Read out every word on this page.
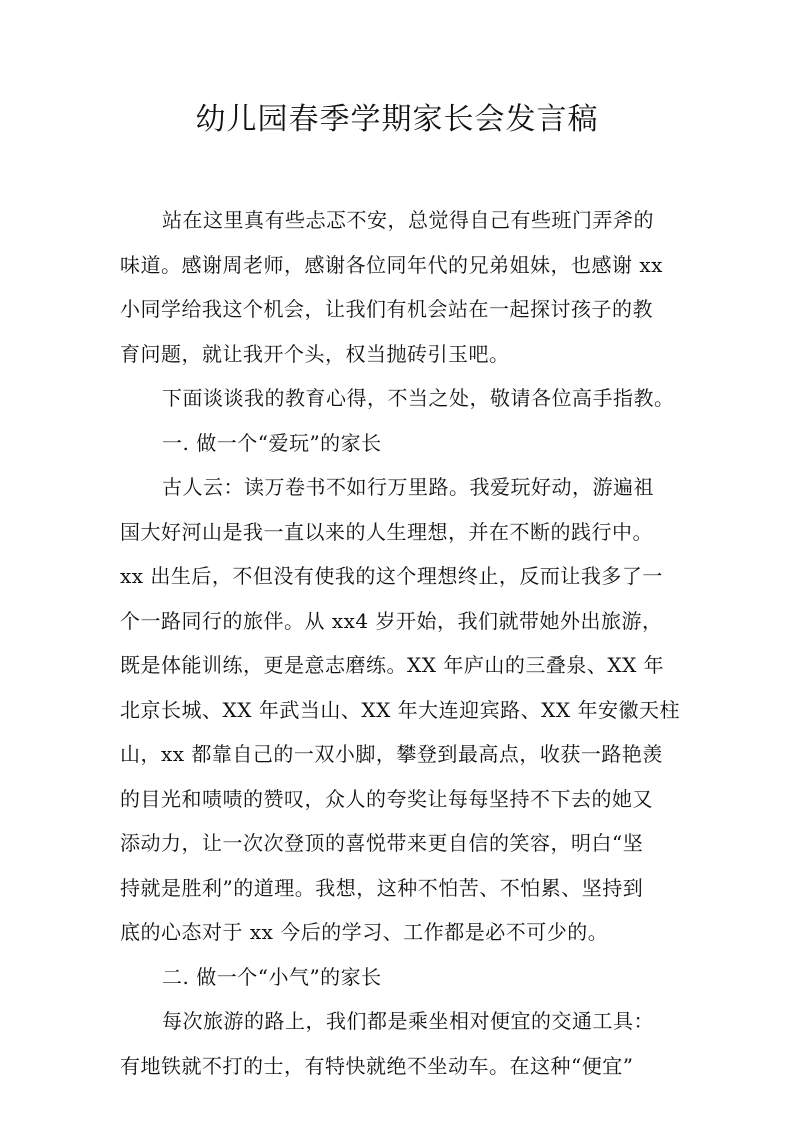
幼儿园春季学期家长会发言稿
站在这里真有些忐忑不安，总觉得自己有些班门弄斧的
味道。感谢周老师，感谢各位同年代的兄弟姐妹，也感谢 xx
小同学给我这个机会，让我们有机会站在一起探讨孩子的教
育问题，就让我开个头，权当抛砖引玉吧。
下面谈谈我的教育心得，不当之处，敬请各位高手指教。
一. 做一个“爱玩”的家长
古人云：读万卷书不如行万里路。我爱玩好动，游遍祖
国大好河山是我一直以来的人生理想，并在不断的践行中。
xx 出生后，不但没有使我的这个理想终止，反而让我多了一
个一路同行的旅伴。从 xx4 岁开始，我们就带她外出旅游，
既是体能训练，更是意志磨练。XX 年庐山的三叠泉、XX 年
北京长城、XX 年武当山、XX 年大连迎宾路、XX 年安徽天柱
山，xx 都靠自己的一双小脚，攀登到最高点，收获一路艳羡
的目光和啧啧的赞叹，众人的夸奖让每每坚持不下去的她又
添动力，让一次次登顶的喜悦带来更自信的笑容，明白“坚
持就是胜利”的道理。我想，这种不怕苦、不怕累、坚持到
底的心态对于 xx 今后的学习、工作都是必不可少的。
二. 做一个“小气”的家长
每次旅游的路上，我们都是乘坐相对便宜的交通工具：
有地铁就不打的士，有特快就绝不坐动车。在这种“便宜”
